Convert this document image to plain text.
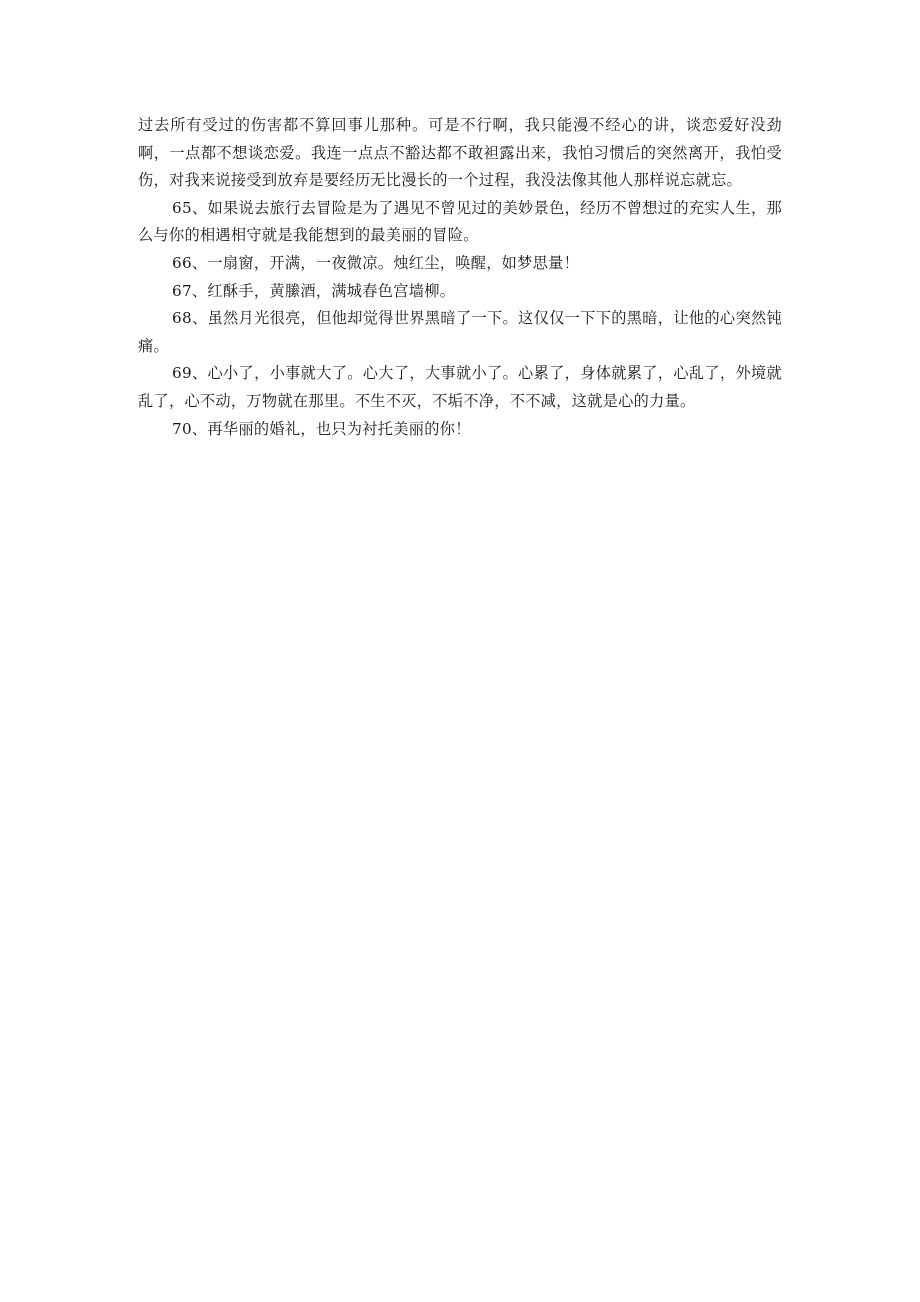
过去所有受过的伤害都不算回事儿那种。可是不行啊，我只能漫不经心的讲，谈恋爱好没劲啊，一点都不想谈恋爱。我连一点点不豁达都不敢袒露出来，我怕习惯后的突然离开，我怕受伤，对我来说接受到放弃是要经历无比漫长的一个过程，我没法像其他人那样说忘就忘。

65、如果说去旅行去冒险是为了遇见不曾见过的美妙景色，经历不曾想过的充实人生，那么与你的相遇相守就是我能想到的最美丽的冒险。

66、一扇窗，开满，一夜微凉。烛红尘，唤醒，如梦思量！

67、红酥手，黄縢酒，满城春色宫墙柳。

68、虽然月光很亮，但他却觉得世界黑暗了一下。这仅仅一下下的黑暗，让他的心突然钝痛。

69、心小了，小事就大了。心大了，大事就小了。心累了，身体就累了，心乱了，外境就乱了，心不动，万物就在那里。不生不灭，不垢不净，不不减，这就是心的力量。

70、再华丽的婚礼，也只为衬托美丽的你！
